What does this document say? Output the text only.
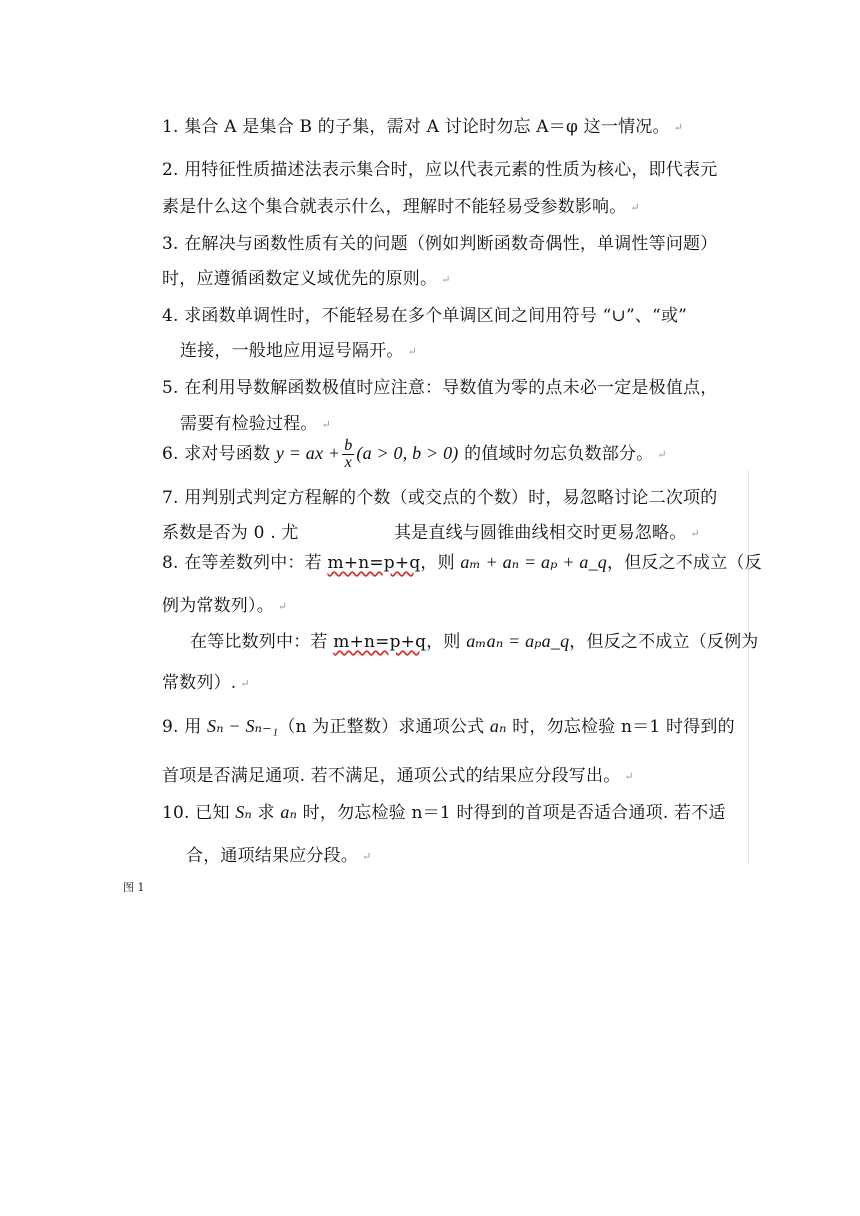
1. 集合 A 是集合 B 的子集，需对 A 讨论时勿忘 A＝φ 这一情况。 ↵
2. 用特征性质描述法表示集合时，应以代表元素的性质为核心，即代表元
素是什么这个集合就表示什么，理解时不能轻易受参数影响。 ↵
3. 在解决与函数性质有关的问题（例如判断函数奇偶性，单调性等问题）
时，应遵循函数定义域优先的原则。 ↵
4. 求函数单调性时，不能轻易在多个单调区间之间用符号 “∪”、“或”
连接，一般地应用逗号隔开。 ↵
5. 在利用导数解函数极值时应注意：导数值为零的点未必一定是极值点，
需要有检验过程。 ↵
6. 求对号函数 y = ax + $\frac{b}{x} (a > 0$, b > 0) 的值域时勿忘负数部分。 ↵
7. 用判别式判定方程解的个数（或交点的个数）时，易忽略讨论二次项的
系数是否为 0 . 尤	其是直线与圆锥曲线相交时更易忽略。 ↵
8. 在等差数列中：若 m+n=p+q，则 aₘ + aₙ = aₚ + a_q，但反之不成立（反
例为常数列）。 ↵
在等比数列中：若 m+n=p+q，则 aₘaₙ = aₚa_q，但反之不成立（反例为
常数列）. ↵
9. 用 Sₙ − Sₙ₋₁（n 为正整数）求通项公式 aₙ 时，勿忘检验 n＝1 时得到的
首项是否满足通项. 若不满足，通项公式的结果应分段写出。 ↵
10. 已知 Sₙ 求 aₙ 时，勿忘检验 n＝1 时得到的首项是否适合通项. 若不适
合，通项结果应分段。 ↵
图 1
